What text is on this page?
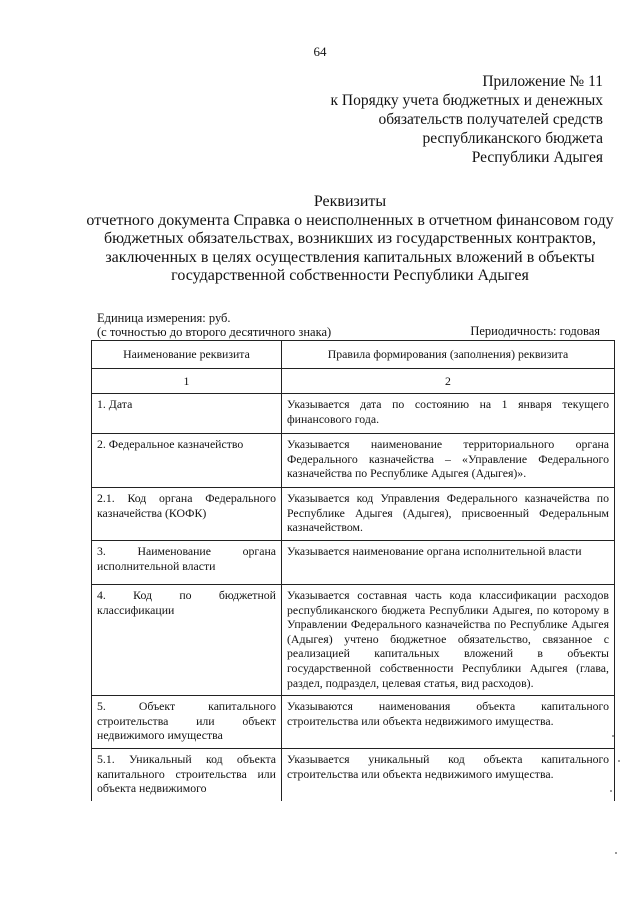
64
Приложение № 11
к Порядку учета бюджетных и денежных
обязательств получателей средств
республиканского бюджета
Республики Адыгея
Реквизиты
отчетного документа Справка о неисполненных в отчетном финансовом году
бюджетных обязательствах, возникших из государственных контрактов,
заключенных в целях осуществления капитальных вложений в объекты
государственной собственности Республики Адыгея
Единица измерения: руб.
(с точностью до второго десятичного знака)	Периодичность: годовая
Наименование реквизита	Правила формирования (заполнения) реквизита
1	2
1. Дата	Указывается дата по состоянию на 1 января текущего финансового года.
2. Федеральное казначейство	Указывается наименование территориального органа Федерального казначейства – «Управление Федерального казначейства по Республике Адыгея (Адыгея)».
2.1. Код органа Федерального казначейства (КОФК)	Указывается код Управления Федерального казначейства по Республике Адыгея (Адыгея), присвоенный Федеральным казначейством.
3. Наименование органа исполнительной власти	Указывается наименование органа исполнительной власти
4. Код по бюджетной классификации	Указывается составная часть кода классификации расходов республиканского бюджета Республики Адыгея, по которому в Управлении Федерального казначейства по Республике Адыгея (Адыгея) учтено бюджетное обязательство, связанное с реализацией капитальных вложений в объекты государственной собственности Республики Адыгея (глава, раздел, подраздел, целевая статья, вид расходов).
5. Объект капитального строительства или объект недвижимого имущества	Указываются наименования объекта капитального строительства или объекта недвижимого имущества.
5.1. Уникальный код объекта капитального строительства или объекта недвижимого	Указывается уникальный код объекта капитального строительства или объекта недвижимого имущества.
